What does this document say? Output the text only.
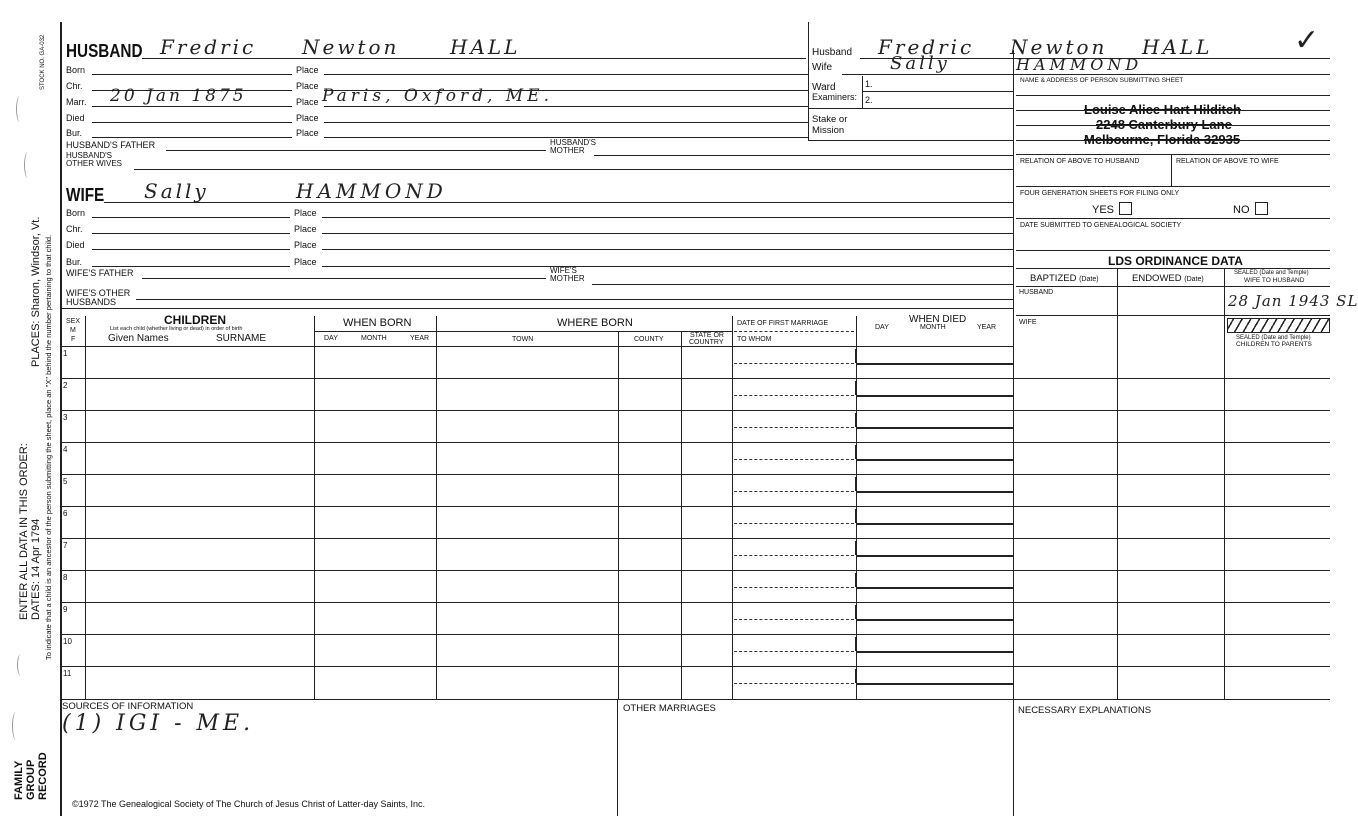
STOCK NO. GA-032
PLACES: Sharon, Windsor, Vt.
DATES: 14 Apr 1794
ENTER ALL DATA IN THIS ORDER: To indicate that a child is an ancestor of the person submitting the sheet, place an "X" behind the number pertaining to that child.
FAMILY GROUP RECORD
HUSBAND Fredric Newton	HALL
Born	Place
Chr.	Place
Marr. 20 Jan 1875	Place Paris, Oxford, ME.
Died	Place
Bur.	Place
HUSBAND'S FATHER	HUSBAND'S
MOTHER
HUSBAND'S
OTHER WIVES
WIFE Sally	HAMMOND
Born	Place
Chr.	Place
Died	Place
Bur.	Place
WIFE'S FATHER	WIFE'S
MOTHER
WIFE'S OTHER
HUSBANDS
Husband Fredric Newton HALL	✓
Wife	Sally	HAMMOND
Ward
Examiners:
1.
2.
Stake or
Mission
NAME & ADDRESS OF PERSON SUBMITTING SHEET
Louise Alice Hart Hilditch
2248 Canterbury Lane
Melbourne, Florida 32935
RELATION OF ABOVE TO HUSBAND	RELATION OF ABOVE TO WIFE
FOUR GENERATION SHEETS FOR FILING ONLY
YES	NO
DATE SUBMITTED TO GENEALOGICAL SOCIETY
LDS ORDINANCE DATA
BAPTIZED (Date)	ENDOWED (Date)
SEALED (Date and Temple)
WIFE TO HUSBAND
HUSBAND	28 Jan 1943 SL
WIFE
SEALED (Date and Temple)
CHILDREN TO PARENTS
SEX
M
F
CHILDREN
List each child (whether living or dead) in order of birth
Given Names	SURNAME
WHEN BORN
DAY	MONTH	YEAR
WHERE BORN
TOWN	COUNTY
STATE OR
COUNTRY
DATE OF FIRST MARRIAGE
TO WHOM
WHEN DIED
DAY	MONTH	YEAR
1
2
3
4
5
6
7
8
9
10
11
SOURCES OF INFORMATION
(1) IGI - ME.
OTHER MARRIAGES	NECESSARY EXPLANATIONS
©1972 The Genealogical Society of The Church of Jesus Christ of Latter-day Saints, Inc.
